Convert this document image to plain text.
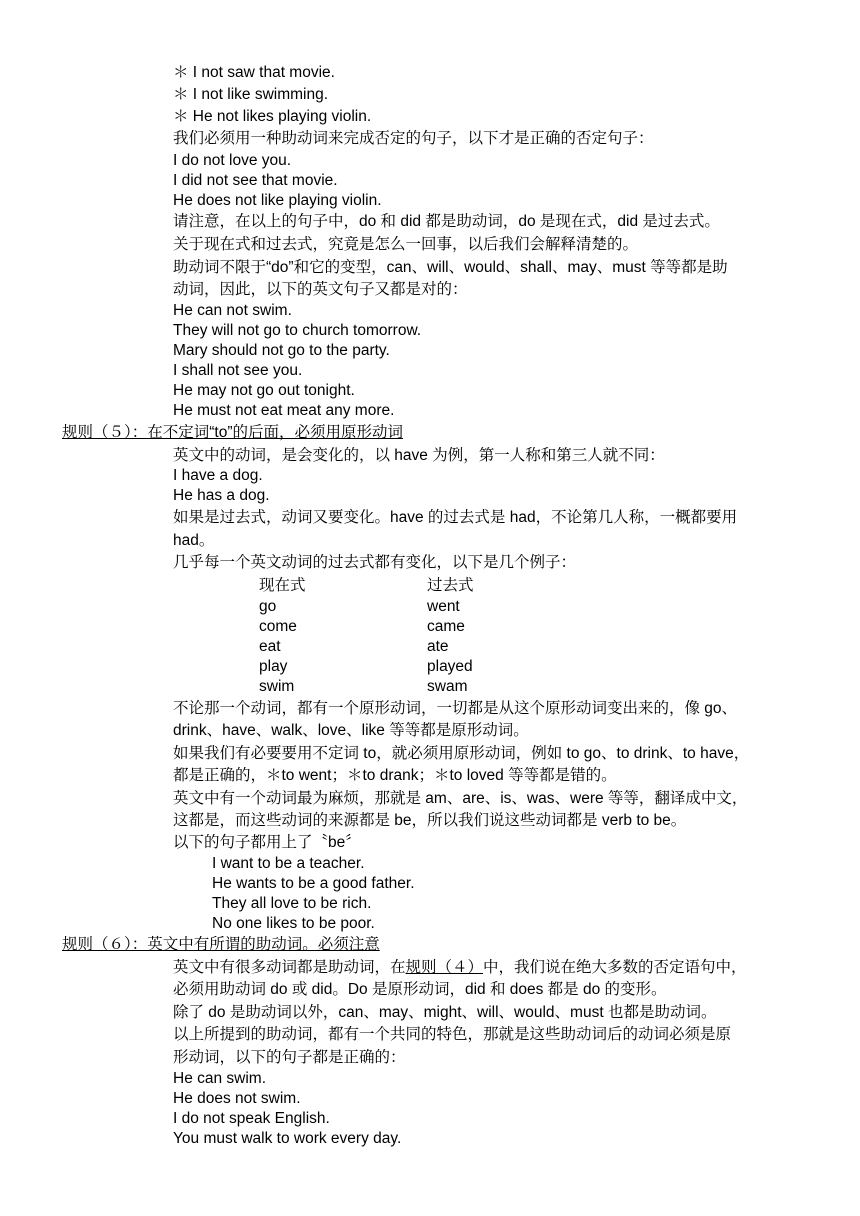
＊ I not saw that movie.
＊ I not like swimming.
＊ He not likes playing violin.
我们必须用一种助动词来完成否定的句子，以下才是正确的否定句子：
I do not love you.
I did not see that movie.
He does not like playing violin.
请注意，在以上的句子中，do 和 did 都是助动词，do 是现在式，did 是过去式。
关于现在式和过去式，究竟是怎么一回事，以后我们会解释清楚的。
助动词不限于“do”和它的变型，can、will、would、shall、may、must 等等都是助
动词，因此，以下的英文句子又都是对的：
He can not swim.
They will not go to church tomorrow.
Mary should not go to the party.
I shall not see you.
He may not go out tonight.
He must not eat meat any more.
规则（５）：在不定词“to”的后面，必须用原形动词
英文中的动词，是会变化的，以 have 为例，第一人称和第三人就不同：
I have a dog.
He has a dog.
如果是过去式，动词又要变化。have 的过去式是 had，不论第几人称，一概都要用
had。
几乎每一个英文动词的过去式都有变化，以下是几个例子：
现在式	过去式
go	went
come	came
eat	ate
play	played
swim	swam
不论那一个动词，都有一个原形动词，一切都是从这个原形动词变出来的，像 go、
drink、have、walk、love、like 等等都是原形动词。
如果我们有必要要用不定词 to，就必须用原形动词，例如 to go、to drink、to have，
都是正确的，＊to went；＊to drank；＊to loved 等等都是错的。
英文中有一个动词最为麻烦，那就是 am、are、is、was、were 等等，翻译成中文，
这都是，而这些动词的来源都是 be，所以我们说这些动词都是 verb to be。
以下的句子都用上了〝be〞
I want to be a teacher.
He wants to be a good father.
They all love to be rich.
No one likes to be poor.
规则（６）：英文中有所谓的助动词。必须注意
英文中有很多动词都是助动词，在规则（４）中，我们说在绝大多数的否定语句中，
必须用助动词 do 或 did。Do 是原形动词，did 和 does 都是 do 的变形。
除了 do 是助动词以外，can、may、might、will、would、must 也都是助动词。
以上所提到的助动词，都有一个共同的特色，那就是这些助动词后的动词必须是原
形动词，以下的句子都是正确的：
He can swim.
He does not swim.
I do not speak English.
You must walk to work every day.
